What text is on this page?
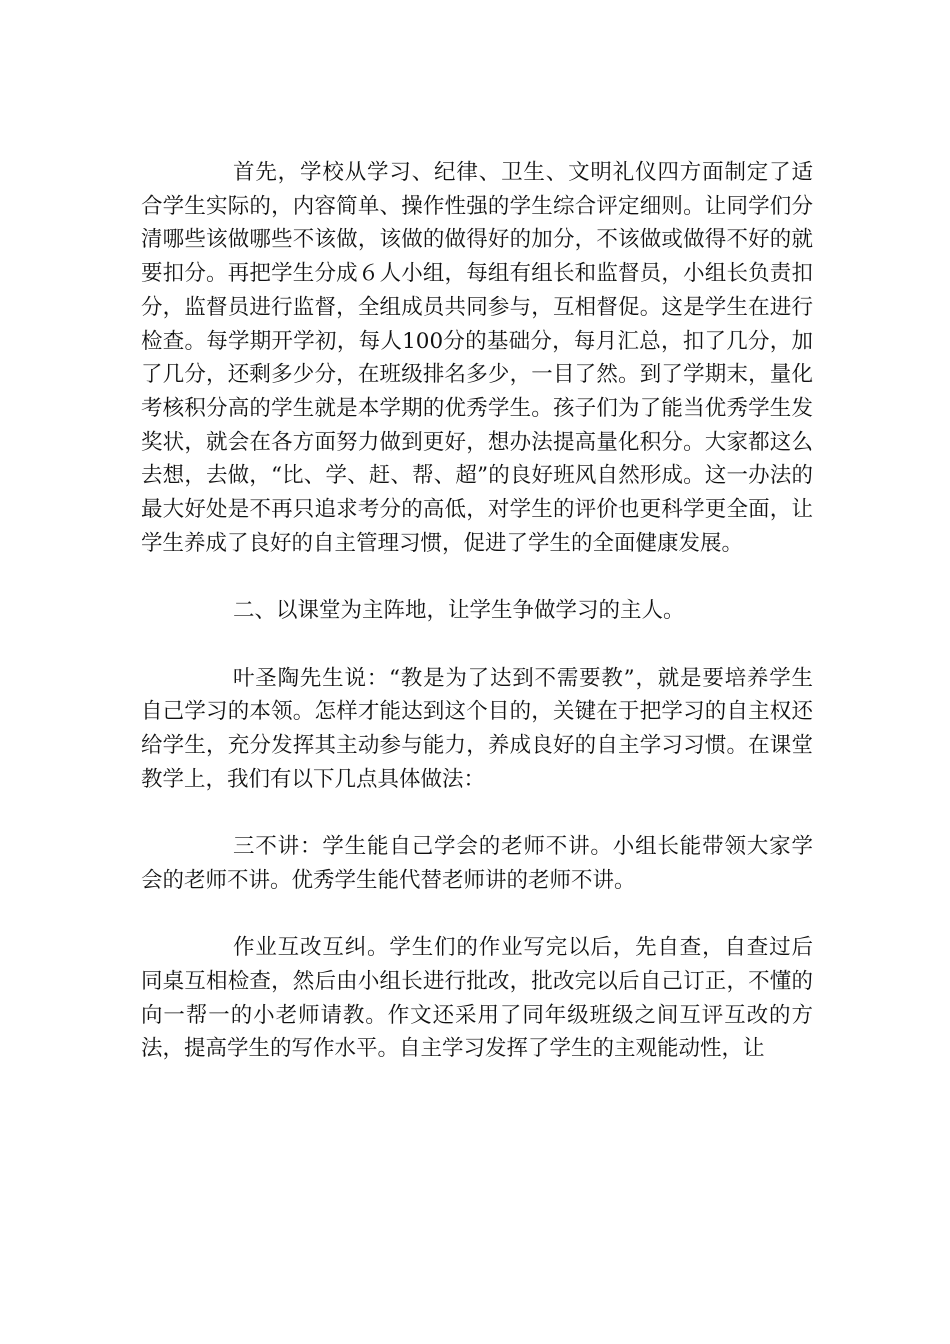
首先，学校从学习、纪律、卫生、文明礼仪四方面制定了适合学生实际的，内容简单、操作性强的学生综合评定细则。让同学们分清哪些该做哪些不该做，该做的做得好的加分，不该做或做得不好的就要扣分。再把学生分成６人小组，每组有组长和监督员，小组长负责扣分，监督员进行监督，全组成员共同参与，互相督促。这是学生在进行检查。每学期开学初，每人100分的基础分，每月汇总，扣了几分，加了几分，还剩多少分，在班级排名多少，一目了然。到了学期末，量化考核积分高的学生就是本学期的优秀学生。孩子们为了能当优秀学生发奖状，就会在各方面努力做到更好，想办法提高量化积分。大家都这么去想，去做，“比、学、赶、帮、超”的良好班风自然形成。这一办法的最大好处是不再只追求考分的高低，对学生的评价也更科学更全面，让学生养成了良好的自主管理习惯，促进了学生的全面健康发展。

二、以课堂为主阵地，让学生争做学习的主人。

叶圣陶先生说：“教是为了达到不需要教”，就是要培养学生自己学习的本领。怎样才能达到这个目的，关键在于把学习的自主权还给学生，充分发挥其主动参与能力，养成良好的自主学习习惯。在课堂教学上，我们有以下几点具体做法：

三不讲：学生能自己学会的老师不讲。小组长能带领大家学会的老师不讲。优秀学生能代替老师讲的老师不讲。

作业互改互纠。学生们的作业写完以后，先自查，自查过后同桌互相检查，然后由小组长进行批改，批改完以后自己订正，不懂的向一帮一的小老师请教。作文还采用了同年级班级之间互评互改的方法，提高学生的写作水平。自主学习发挥了学生的主观能动性，让
